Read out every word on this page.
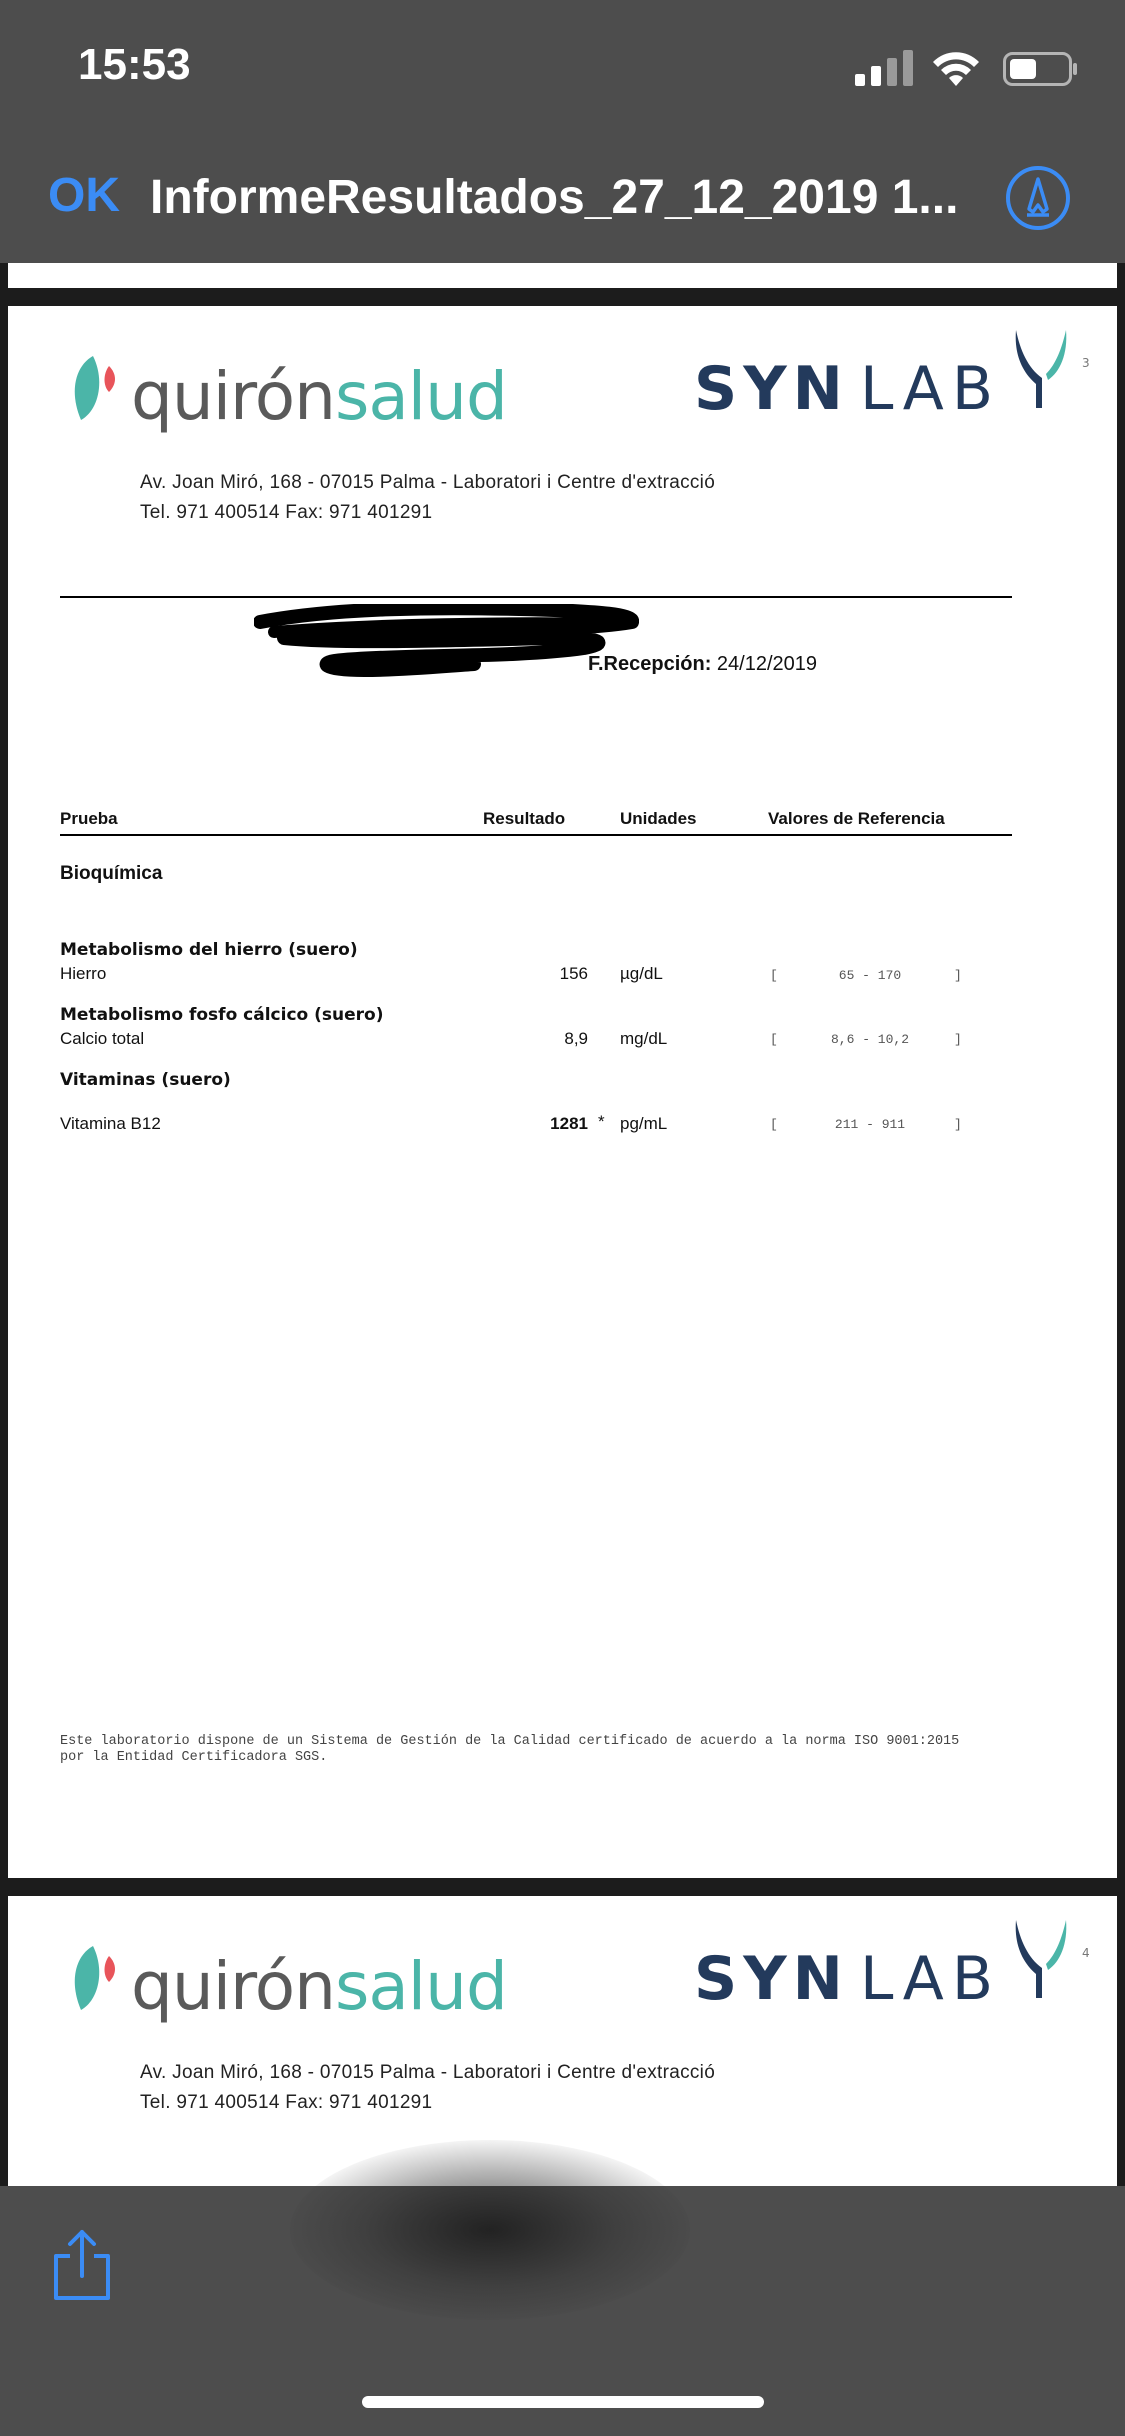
15:53
OK InformeResultados_27_12_2019 1...
quirónsalud	SYN LAB	3
Av. Joan Miró, 168 - 07015 Palma - Laboratori i Centre d'extracció
Tel. 971 400514 Fax: 971 401291
F.Recepción: 24/12/2019
Prueba	Resultado	Unidades	Valores de Referencia
Bioquímica
Metabolismo del hierro (suero)
Hierro	156 µg/dL	[	65 - 170	]
Metabolismo fosfo cálcico (suero)
Calcio total	8,9 mg/dL	[	8,6 - 10,2	]
Vitaminas (suero)
Vitamina B12	1281 * pg/mL	[	211 - 911	]
Este laboratorio dispone de un Sistema de Gestión de la Calidad certificado de acuerdo a la norma ISO 9001:2015
por la Entidad Certificadora SGS.
quirónsalud	SYN LAB	4
Av. Joan Miró, 168 - 07015 Palma - Laboratori i Centre d'extracció
Tel. 971 400514 Fax: 971 401291
